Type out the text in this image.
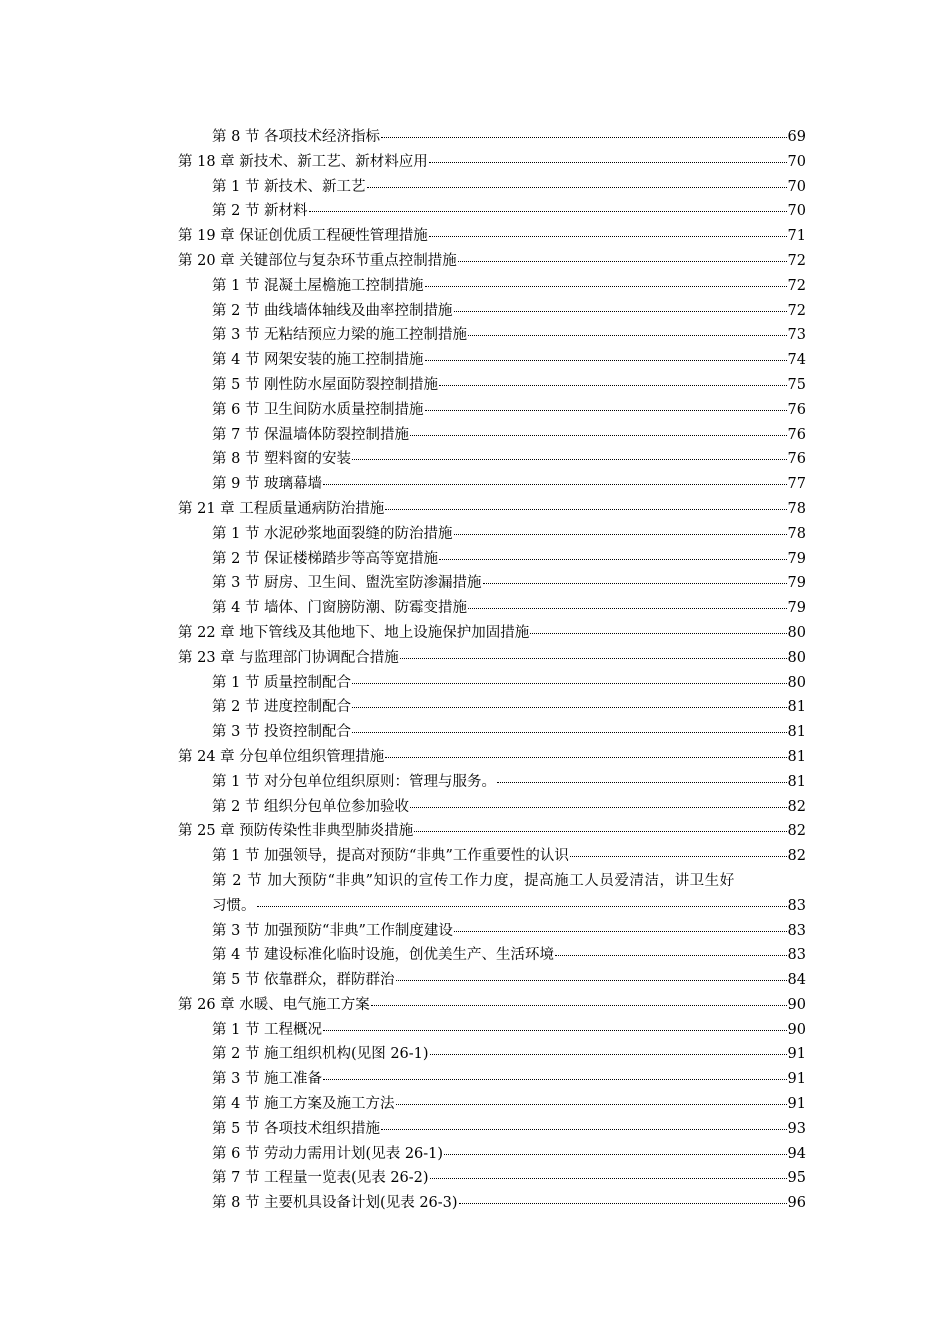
第 8 节 各项技术经济指标	69
第 18 章 新技术、新工艺、新材料应用	70
第 1 节 新技术、新工艺	70
第 2 节 新材料	70
第 19 章 保证创优质工程硬性管理措施	71
第 20 章 关键部位与复杂环节重点控制措施	72
第 1 节 混凝土屋檐施工控制措施	72
第 2 节 曲线墙体轴线及曲率控制措施	72
第 3 节 无粘结预应力梁的施工控制措施	73
第 4 节 网架安装的施工控制措施	74
第 5 节 刚性防水屋面防裂控制措施	75
第 6 节 卫生间防水质量控制措施	76
第 7 节 保温墙体防裂控制措施	76
第 8 节 塑料窗的安装	76
第 9 节 玻璃幕墙	77
第 21 章 工程质量通病防治措施	78
第 1 节 水泥砂浆地面裂缝的防治措施	78
第 2 节 保证楼梯踏步等高等宽措施	79
第 3 节 厨房、卫生间、盥洗室防渗漏措施	79
第 4 节 墙体、门窗膀防潮、防霉变措施	79
第 22 章 地下管线及其他地下、地上设施保护加固措施	80
第 23 章 与监理部门协调配合措施	80
第 1 节 质量控制配合	80
第 2 节 进度控制配合	81
第 3 节 投资控制配合	81
第 24 章 分包单位组织管理措施	81
第 1 节 对分包单位组织原则：管理与服务。	81
第 2 节 组织分包单位参加验收	82
第 25 章 预防传染性非典型肺炎措施	82
第 1 节 加强领导，提高对预防“非典”工作重要性的认识	82
第 2 节 加大预防“非典”知识的宣传工作力度，提高施工人员爱清洁，讲卫生好
习惯。	83
第 3 节 加强预防“非典”工作制度建设	83
第 4 节 建设标准化临时设施，创优美生产、生活环境	83
第 5 节 依靠群众，群防群治	84
第 26 章 水暖、电气施工方案	90
第 1 节 工程概况	90
第 2 节 施工组织机构(见图 26-1)	91
第 3 节 施工准备	91
第 4 节 施工方案及施工方法	91
第 5 节 各项技术组织措施	93
第 6 节 劳动力需用计划(见表 26-1)	94
第 7 节 工程量一览表(见表 26-2)	95
第 8 节 主要机具设备计划(见表 26-3)	96
